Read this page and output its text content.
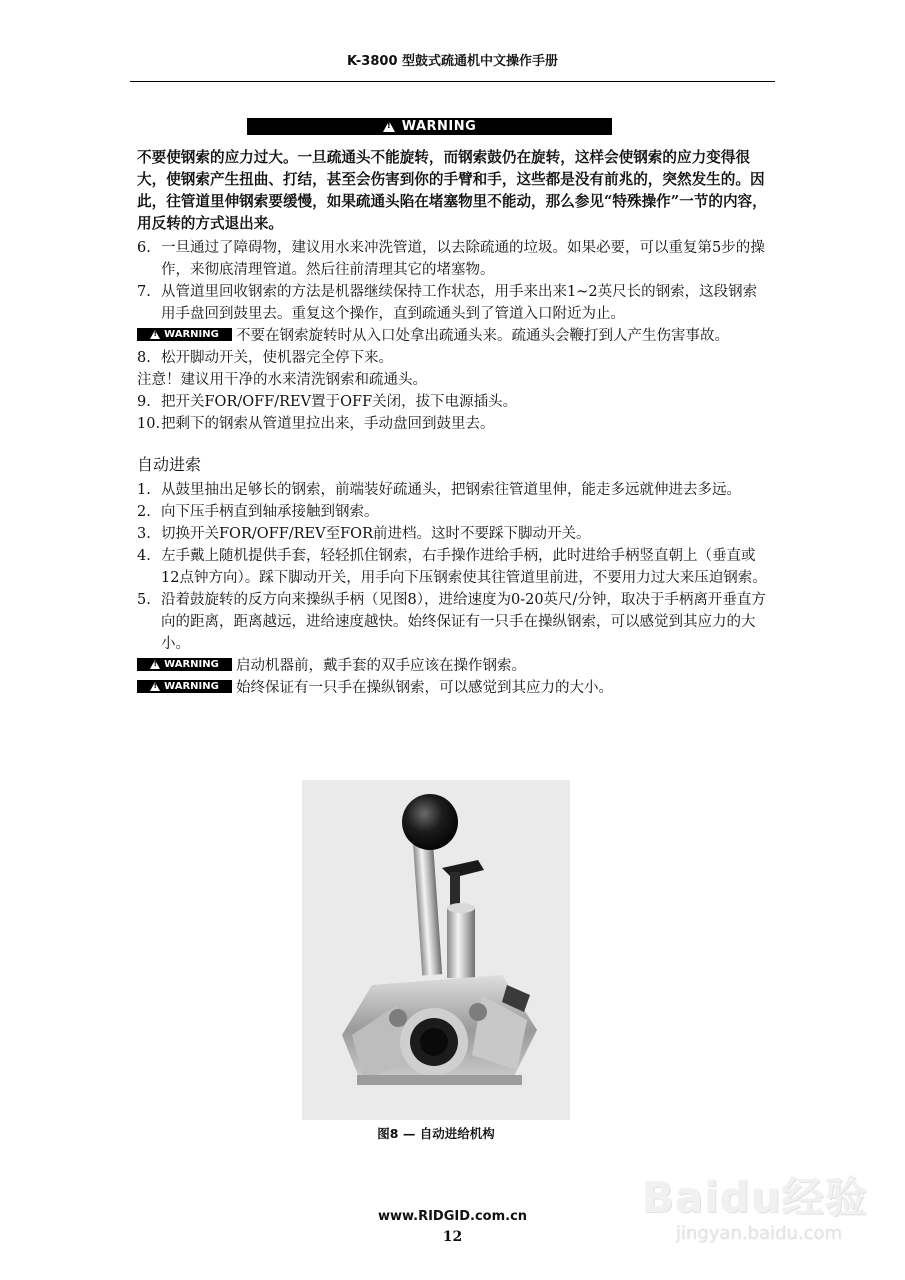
K-3800 型鼓式疏通机中文操作手册
!
WARNING

不要使钢索的应力过大。一旦疏通头不能旋转，而钢索鼓仍在旋转，这样会使钢索的应力变得很大，使钢索产生扭曲、打结，甚至会伤害到你的手臂和手，这些都是没有前兆的，突然发生的。因此，往管道里伸钢索要缓慢，如果疏通头陷在堵塞物里不能动，那么参见“特殊操作”一节的内容，用反转的方式退出来。

6. 一旦通过了障碍物，建议用水来冲洗管道，以去除疏通的垃圾。如果必要，可以重复第5步的操作，来彻底清理管道。然后往前清理其它的堵塞物。

7. 从管道里回收钢索的方法是机器继续保持工作状态，用手来出来1~2英尺长的钢索，这段钢索用手盘回到鼓里去。重复这个操作，直到疏通头到了管道入口附近为止。

!
WARNING 不要在钢索旋转时从入口处拿出疏通头来。疏通头会鞭打到人产生伤害事故。

8. 松开脚动开关，使机器完全停下来。

注意！建议用干净的水来清洗钢索和疏通头。

9. 把开关FOR/OFF/REV置于OFF关闭，拔下电源插头。

10. 把剩下的钢索从管道里拉出来，手动盘回到鼓里去。

自动进索

1. 从鼓里抽出足够长的钢索，前端装好疏通头，把钢索往管道里伸，能走多远就伸进去多远。

2. 向下压手柄直到轴承接触到钢索。

3. 切换开关FOR/OFF/REV至FOR前进档。这时不要踩下脚动开关。

4. 左手戴上随机提供手套，轻轻抓住钢索，右手操作进给手柄，此时进给手柄竖直朝上（垂直或12点钟方向）。踩下脚动开关，用手向下压钢索使其往管道里前进，不要用力过大来压迫钢索。

5. 沿着鼓旋转的反方向来操纵手柄（见图8），进给速度为0-20英尺/分钟，取决于手柄离开垂直方向的距离，距离越远，进给速度越快。始终保证有一只手在操纵钢索，可以感觉到其应力的大小。

!
WARNING 启动机器前，戴手套的双手应该在操作钢索。

!
WARNING 始终保证有一只手在操纵钢索，可以感觉到其应力的大小。

图8 — 自动进给机构
Baidu经验
jingyan.baidu.com
www.RIDGID.com.cn
12
